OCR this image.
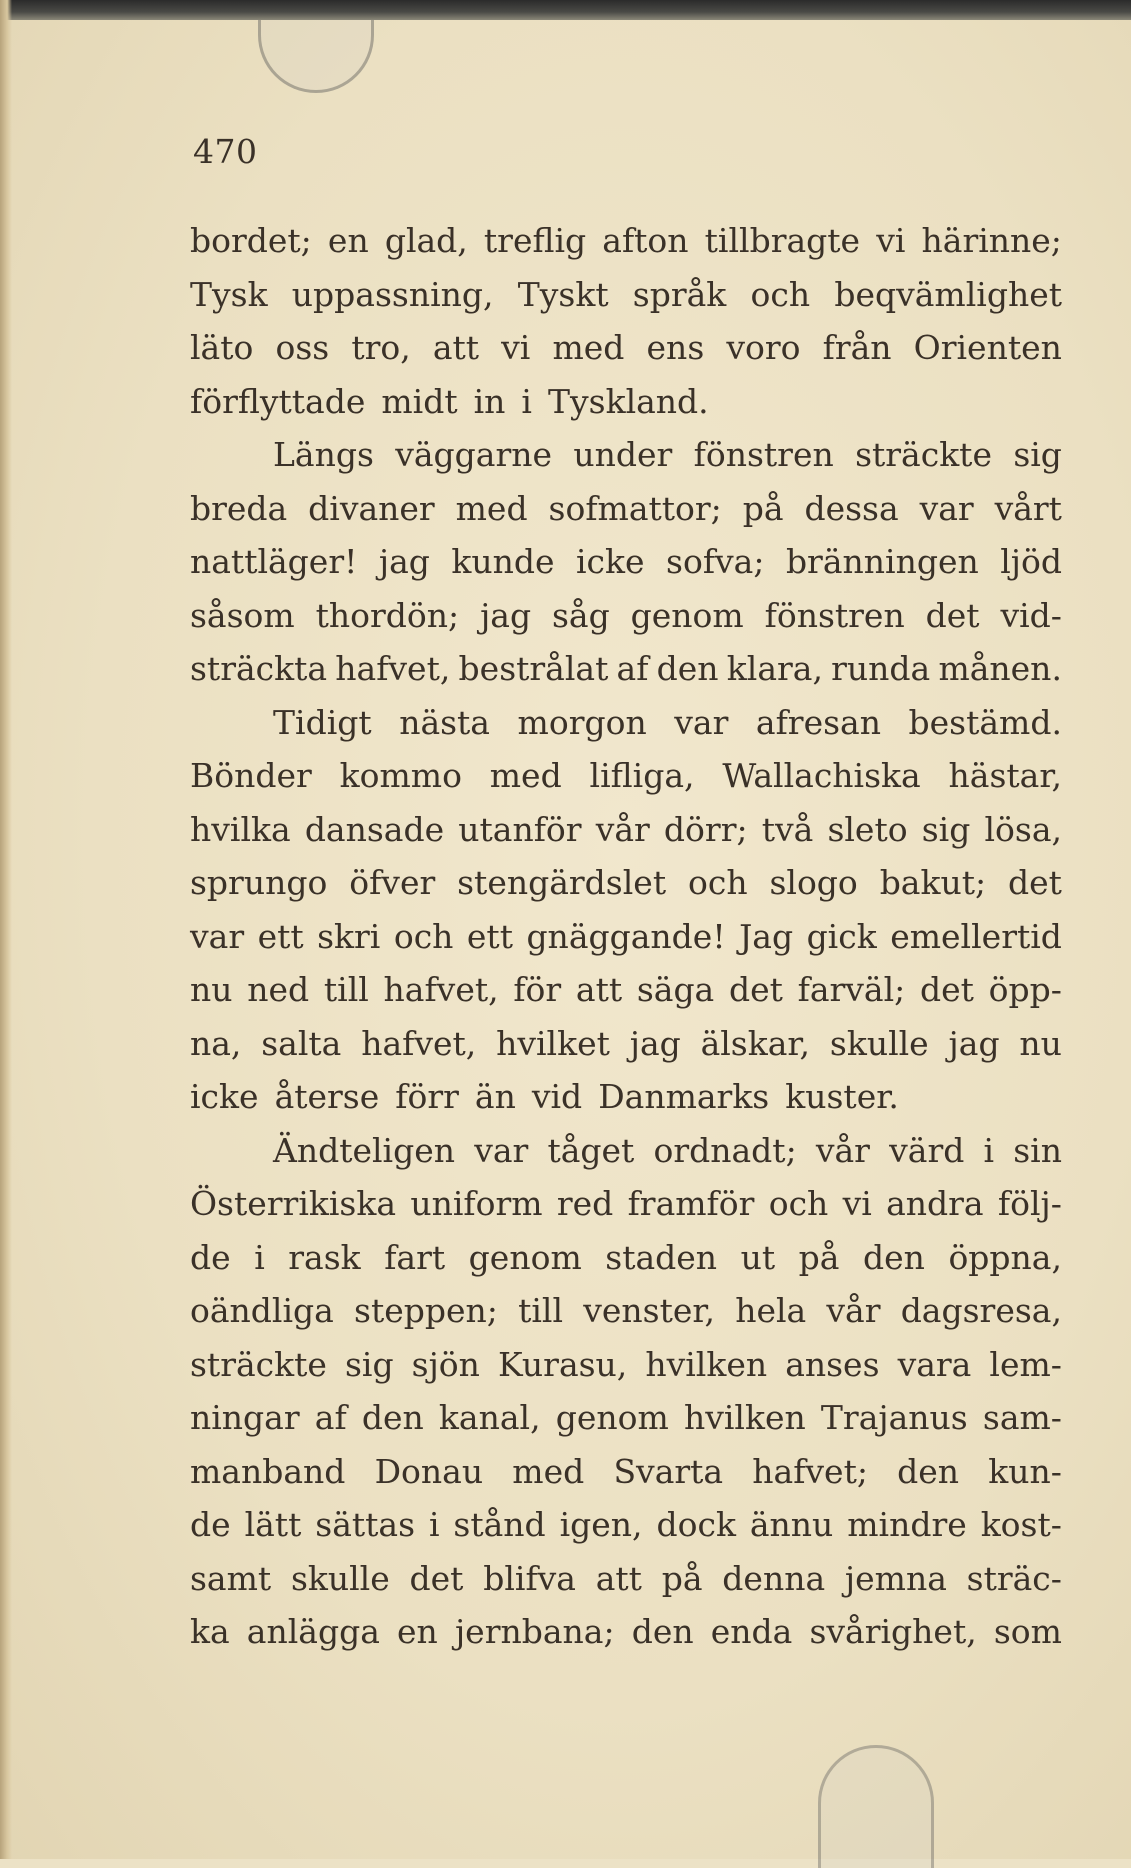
470
bordet; en glad, treflig afton tillbragte vi härinne;
Tysk uppassning, Tyskt språk och beqvämlighet
läto oss tro, att vi med ens voro från Orienten
förflyttade midt in i Tyskland.
Längs väggarne under fönstren sträckte sig
breda divaner med sofmattor; på dessa var vårt
nattläger! jag kunde icke sofva; bränningen ljöd
såsom thordön; jag såg genom fönstren det vid-
sträckta hafvet, bestrålat af den klara, runda månen.
Tidigt nästa morgon var afresan bestämd.
Bönder kommo med lifliga, Wallachiska hästar,
hvilka dansade utanför vår dörr; två sleto sig lösa,
sprungo öfver stengärdslet och slogo bakut; det
var ett skri och ett gnäggande! Jag gick emellertid
nu ned till hafvet, för att säga det farväl; det öpp-
na, salta hafvet, hvilket jag älskar, skulle jag nu
icke återse förr än vid Danmarks kuster.
Ändteligen var tåget ordnadt; vår värd i sin
Österrikiska uniform red framför och vi andra följ-
de i rask fart genom staden ut på den öppna,
oändliga steppen; till venster, hela vår dagsresa,
sträckte sig sjön Kurasu, hvilken anses vara lem-
ningar af den kanal, genom hvilken Trajanus sam-
manband Donau med Svarta hafvet; den kun-
de lätt sättas i stånd igen, dock ännu mindre kost-
samt skulle det blifva att på denna jemna sträc-
ka anlägga en jernbana; den enda svårighet, som
